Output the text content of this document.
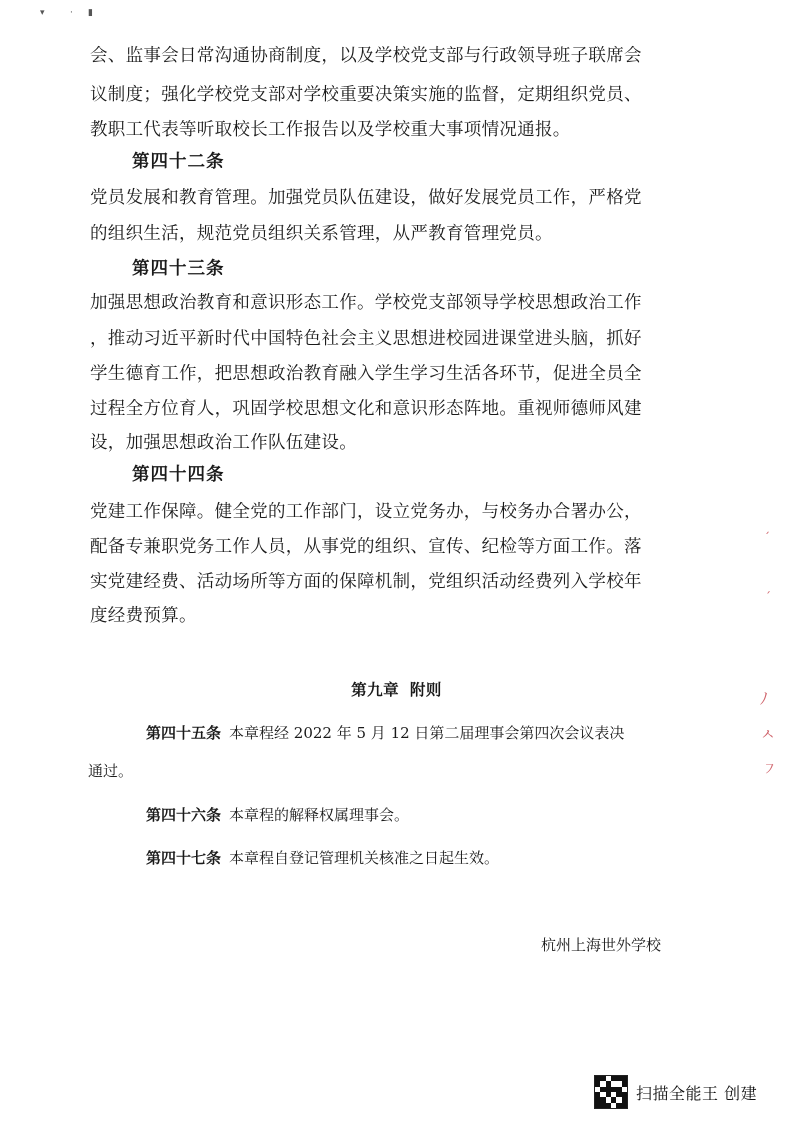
▾	· ▮
会、监事会日常沟通协商制度，以及学校党支部与行政领导班子联席会
议制度；强化学校党支部对学校重要决策实施的监督，定期组织党员、
教职工代表等听取校长工作报告以及学校重大事项情况通报。
第四十二条
党员发展和教育管理。加强党员队伍建设，做好发展党员工作，严格党
的组织生活，规范党员组织关系管理，从严教育管理党员。
第四十三条
加强思想政治教育和意识形态工作。学校党支部领导学校思想政治工作
，推动习近平新时代中国特色社会主义思想进校园进课堂进头脑，抓好
学生德育工作，把思想政治教育融入学生学习生活各环节，促进全员全
过程全方位育人，巩固学校思想文化和意识形态阵地。重视师德师风建
设，加强思想政治工作队伍建设。
第四十四条
党建工作保障。健全党的工作部门，设立党务办，与校务办合署办公，
配备专兼职党务工作人员，从事党的组织、宣传、纪检等方面工作。落
实党建经费、活动场所等方面的保障机制，党组织活动经费列入学校年
度经费预算。
第九章 附则
第四十五条 本章程经 2022 年 5 月 12 日第二届理事会第四次会议表决
通过。
第四十六条 本章程的解释权属理事会。
第四十七条 本章程自登记管理机关核准之日起生效。
杭州上海世外学校
ˏ
ˊ
ﾉ
ㅅ
㇇
扫描全能王 创建
